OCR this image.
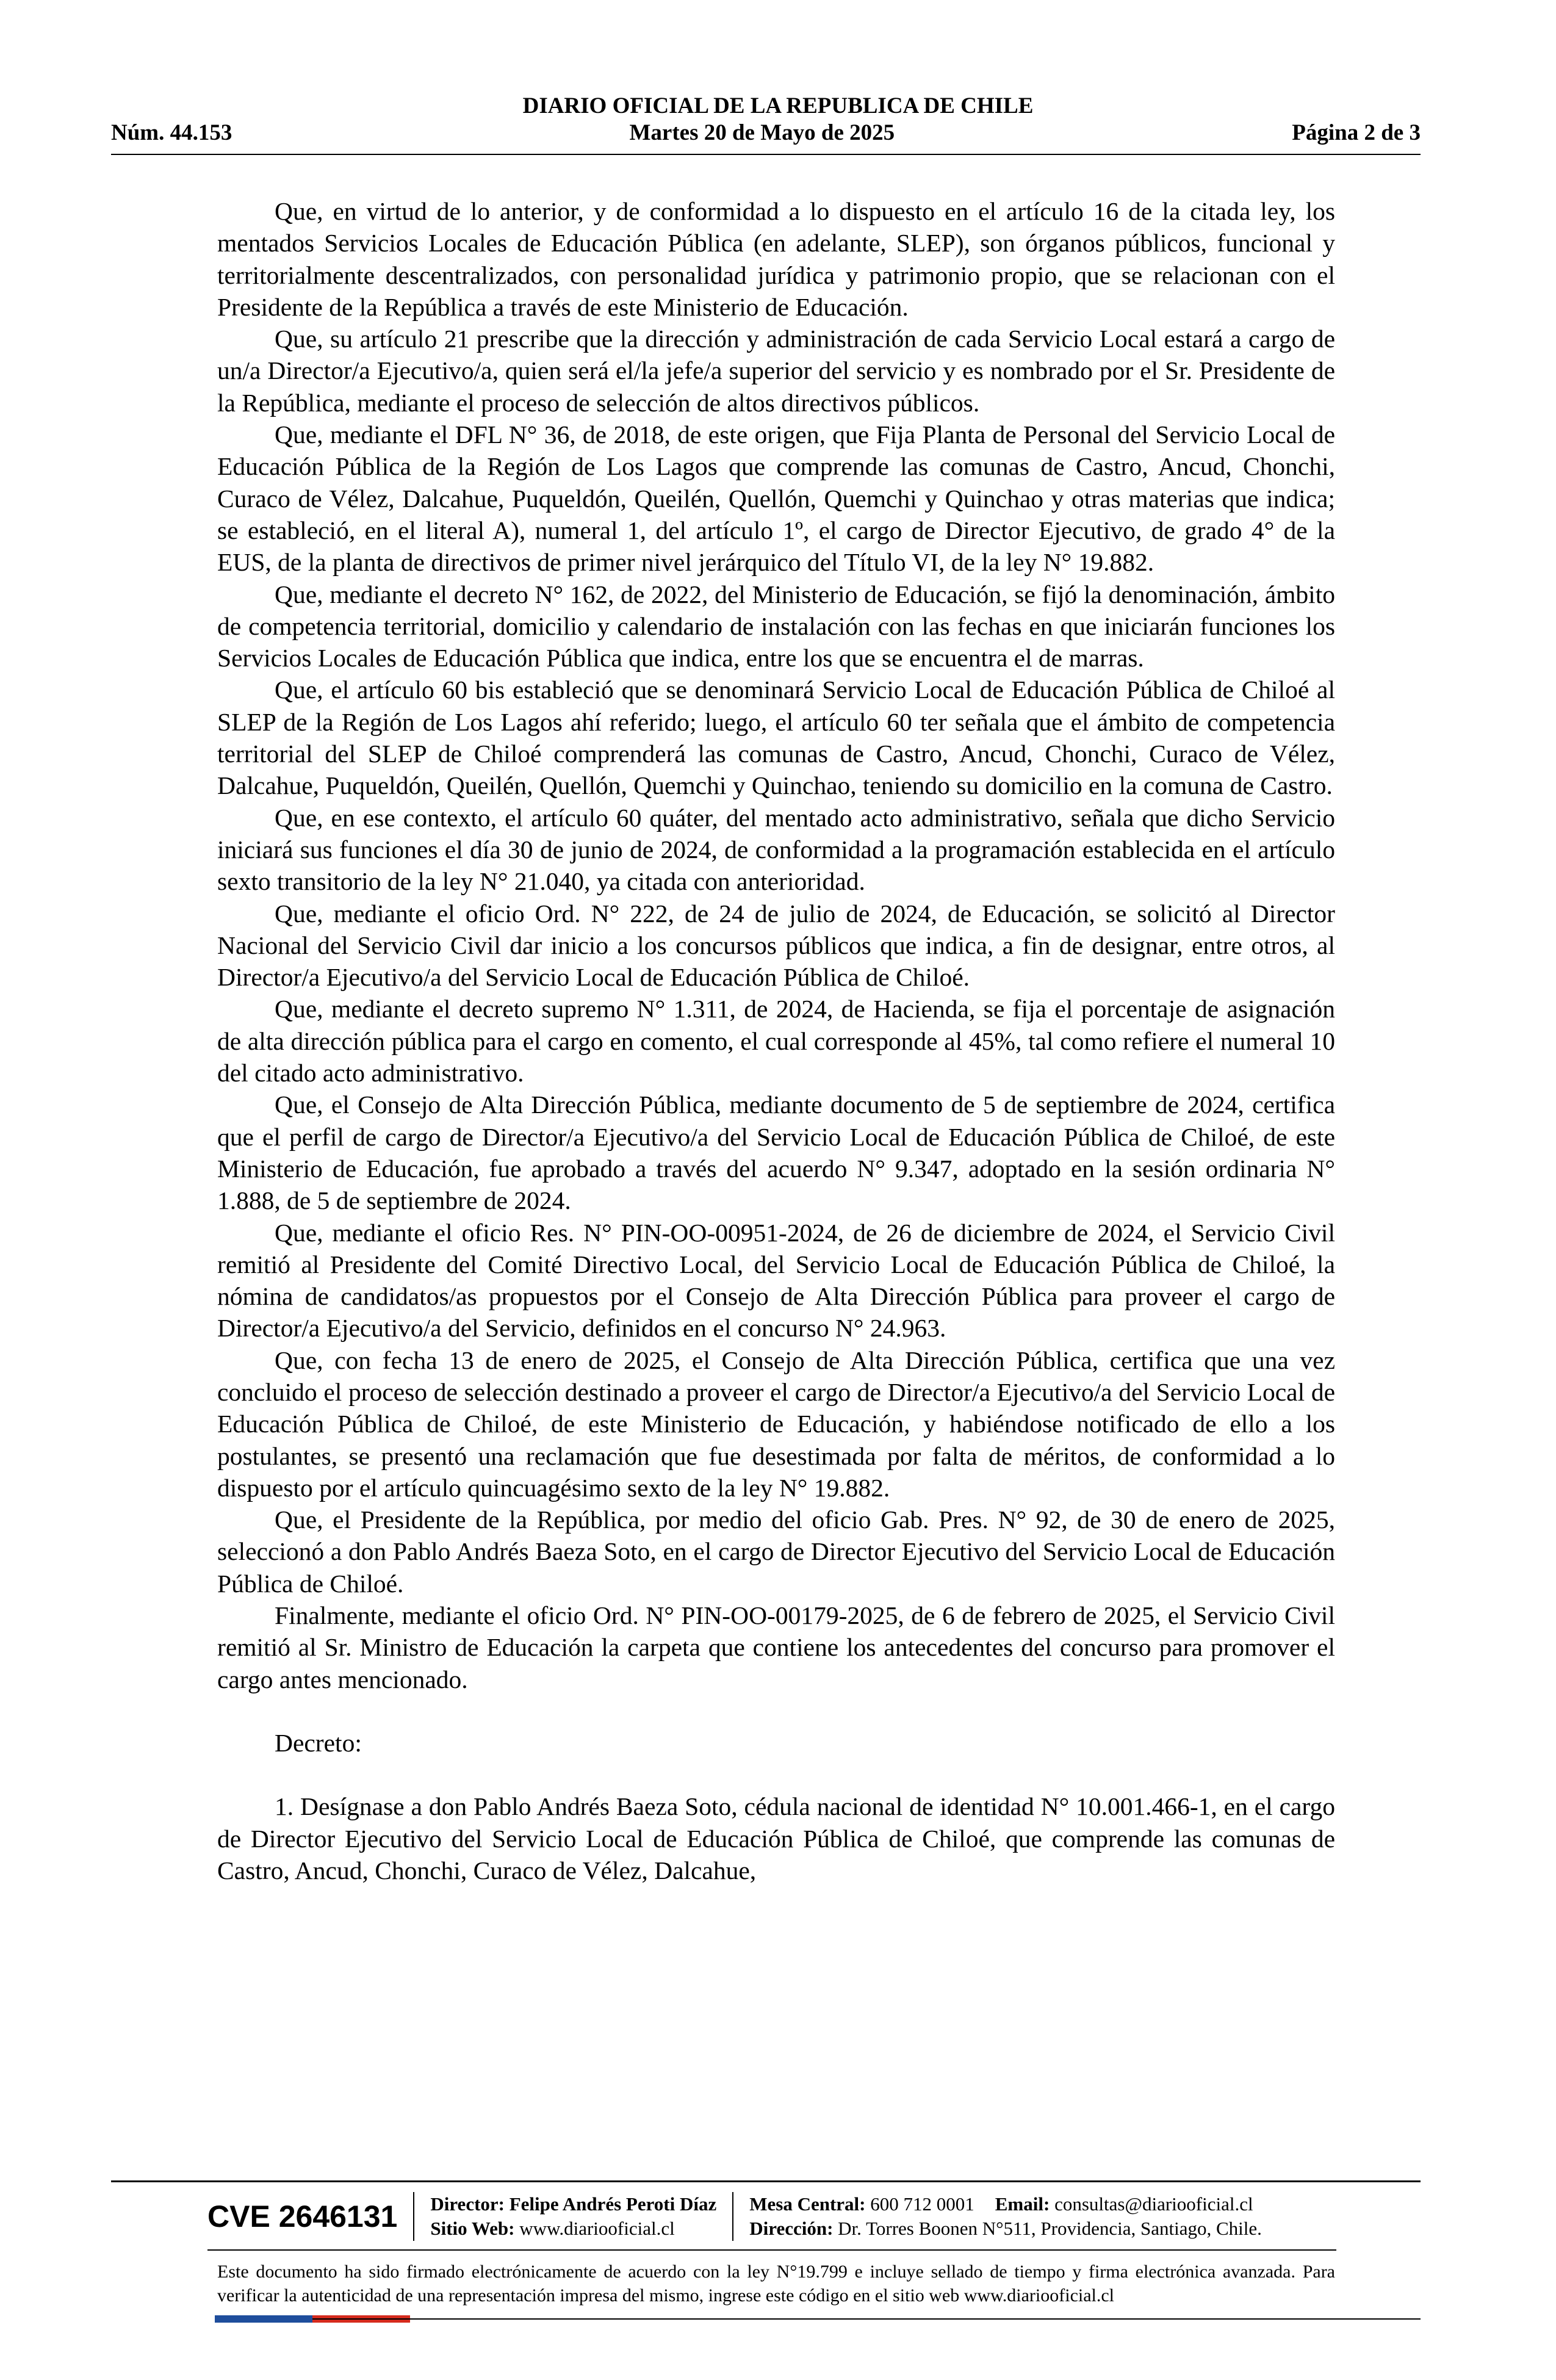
DIARIO OFICIAL DE LA REPUBLICA DE CHILE
Núm. 44.153	Martes 20 de Mayo de 2025	Página 2 de 3

Que, en virtud de lo anterior, y de conformidad a lo dispuesto en el artículo 16 de la citada ley, los mentados Servicios Locales de Educación Pública (en adelante, SLEP), son órganos públicos, funcional y territorialmente descentralizados, con personalidad jurídica y patrimonio propio, que se relacionan con el Presidente de la República a través de este Ministerio de Educación.

Que, su artículo 21 prescribe que la dirección y administración de cada Servicio Local estará a cargo de un/a Director/a Ejecutivo/a, quien será el/la jefe/a superior del servicio y es nombrado por el Sr. Presidente de la República, mediante el proceso de selección de altos directivos públicos.

Que, mediante el DFL N° 36, de 2018, de este origen, que Fija Planta de Personal del Servicio Local de Educación Pública de la Región de Los Lagos que comprende las comunas de Castro, Ancud, Chonchi, Curaco de Vélez, Dalcahue, Puqueldón, Queilén, Quellón, Quemchi y Quinchao y otras materias que indica; se estableció, en el literal A), numeral 1, del artículo 1º, el cargo de Director Ejecutivo, de grado 4° de la EUS, de la planta de directivos de primer nivel jerárquico del Título VI, de la ley N° 19.882.

Que, mediante el decreto N° 162, de 2022, del Ministerio de Educación, se fijó la denominación, ámbito de competencia territorial, domicilio y calendario de instalación con las fechas en que iniciarán funciones los Servicios Locales de Educación Pública que indica, entre los que se encuentra el de marras.

Que, el artículo 60 bis estableció que se denominará Servicio Local de Educación Pública de Chiloé al SLEP de la Región de Los Lagos ahí referido; luego, el artículo 60 ter señala que el ámbito de competencia territorial del SLEP de Chiloé comprenderá las comunas de Castro, Ancud, Chonchi, Curaco de Vélez, Dalcahue, Puqueldón, Queilén, Quellón, Quemchi y Quinchao, teniendo su domicilio en la comuna de Castro.

Que, en ese contexto, el artículo 60 quáter, del mentado acto administrativo, señala que dicho Servicio iniciará sus funciones el día 30 de junio de 2024, de conformidad a la programación establecida en el artículo sexto transitorio de la ley N° 21.040, ya citada con anterioridad.

Que, mediante el oficio Ord. N° 222, de 24 de julio de 2024, de Educación, se solicitó al Director Nacional del Servicio Civil dar inicio a los concursos públicos que indica, a fin de designar, entre otros, al Director/a Ejecutivo/a del Servicio Local de Educación Pública de Chiloé.

Que, mediante el decreto supremo N° 1.311, de 2024, de Hacienda, se fija el porcentaje de asignación de alta dirección pública para el cargo en comento, el cual corresponde al 45%, tal como refiere el numeral 10 del citado acto administrativo.

Que, el Consejo de Alta Dirección Pública, mediante documento de 5 de septiembre de 2024, certifica que el perfil de cargo de Director/a Ejecutivo/a del Servicio Local de Educación Pública de Chiloé, de este Ministerio de Educación, fue aprobado a través del acuerdo N° 9.347, adoptado en la sesión ordinaria N° 1.888, de 5 de septiembre de 2024.

Que, mediante el oficio Res. N° PIN-OO-00951-2024, de 26 de diciembre de 2024, el Servicio Civil remitió al Presidente del Comité Directivo Local, del Servicio Local de Educación Pública de Chiloé, la nómina de candidatos/as propuestos por el Consejo de Alta Dirección Pública para proveer el cargo de Director/a Ejecutivo/a del Servicio, definidos en el concurso N° 24.963.

Que, con fecha 13 de enero de 2025, el Consejo de Alta Dirección Pública, certifica que una vez concluido el proceso de selección destinado a proveer el cargo de Director/a Ejecutivo/a del Servicio Local de Educación Pública de Chiloé, de este Ministerio de Educación, y habiéndose notificado de ello a los postulantes, se presentó una reclamación que fue desestimada por falta de méritos, de conformidad a lo dispuesto por el artículo quincuagésimo sexto de la ley N° 19.882.

Que, el Presidente de la República, por medio del oficio Gab. Pres. N° 92, de 30 de enero de 2025, seleccionó a don Pablo Andrés Baeza Soto, en el cargo de Director Ejecutivo del Servicio Local de Educación Pública de Chiloé.

Finalmente, mediante el oficio Ord. N° PIN-OO-00179-2025, de 6 de febrero de 2025, el Servicio Civil remitió al Sr. Ministro de Educación la carpeta que contiene los antecedentes del concurso para promover el cargo antes mencionado.

Decreto:

1. Desígnase a don Pablo Andrés Baeza Soto, cédula nacional de identidad N° 10.001.466-1, en el cargo de Director Ejecutivo del Servicio Local de Educación Pública de Chiloé, que comprende las comunas de Castro, Ancud, Chonchi, Curaco de Vélez, Dalcahue,

CVE 2646131	Director: Felipe Andrés Peroti Díaz
Sitio Web: www.diariooficial.cl
Mesa Central: 600 712 0001 Email: consultas@diariooficial.cl
Dirección: Dr. Torres Boonen N°511, Providencia, Santiago, Chile.
Este documento ha sido firmado electrónicamente de acuerdo con la ley N°19.799 e incluye sellado de tiempo y firma electrónica avanzada. Para verificar la autenticidad de una representación impresa del mismo, ingrese este código en el sitio web www.diariooficial.cl
